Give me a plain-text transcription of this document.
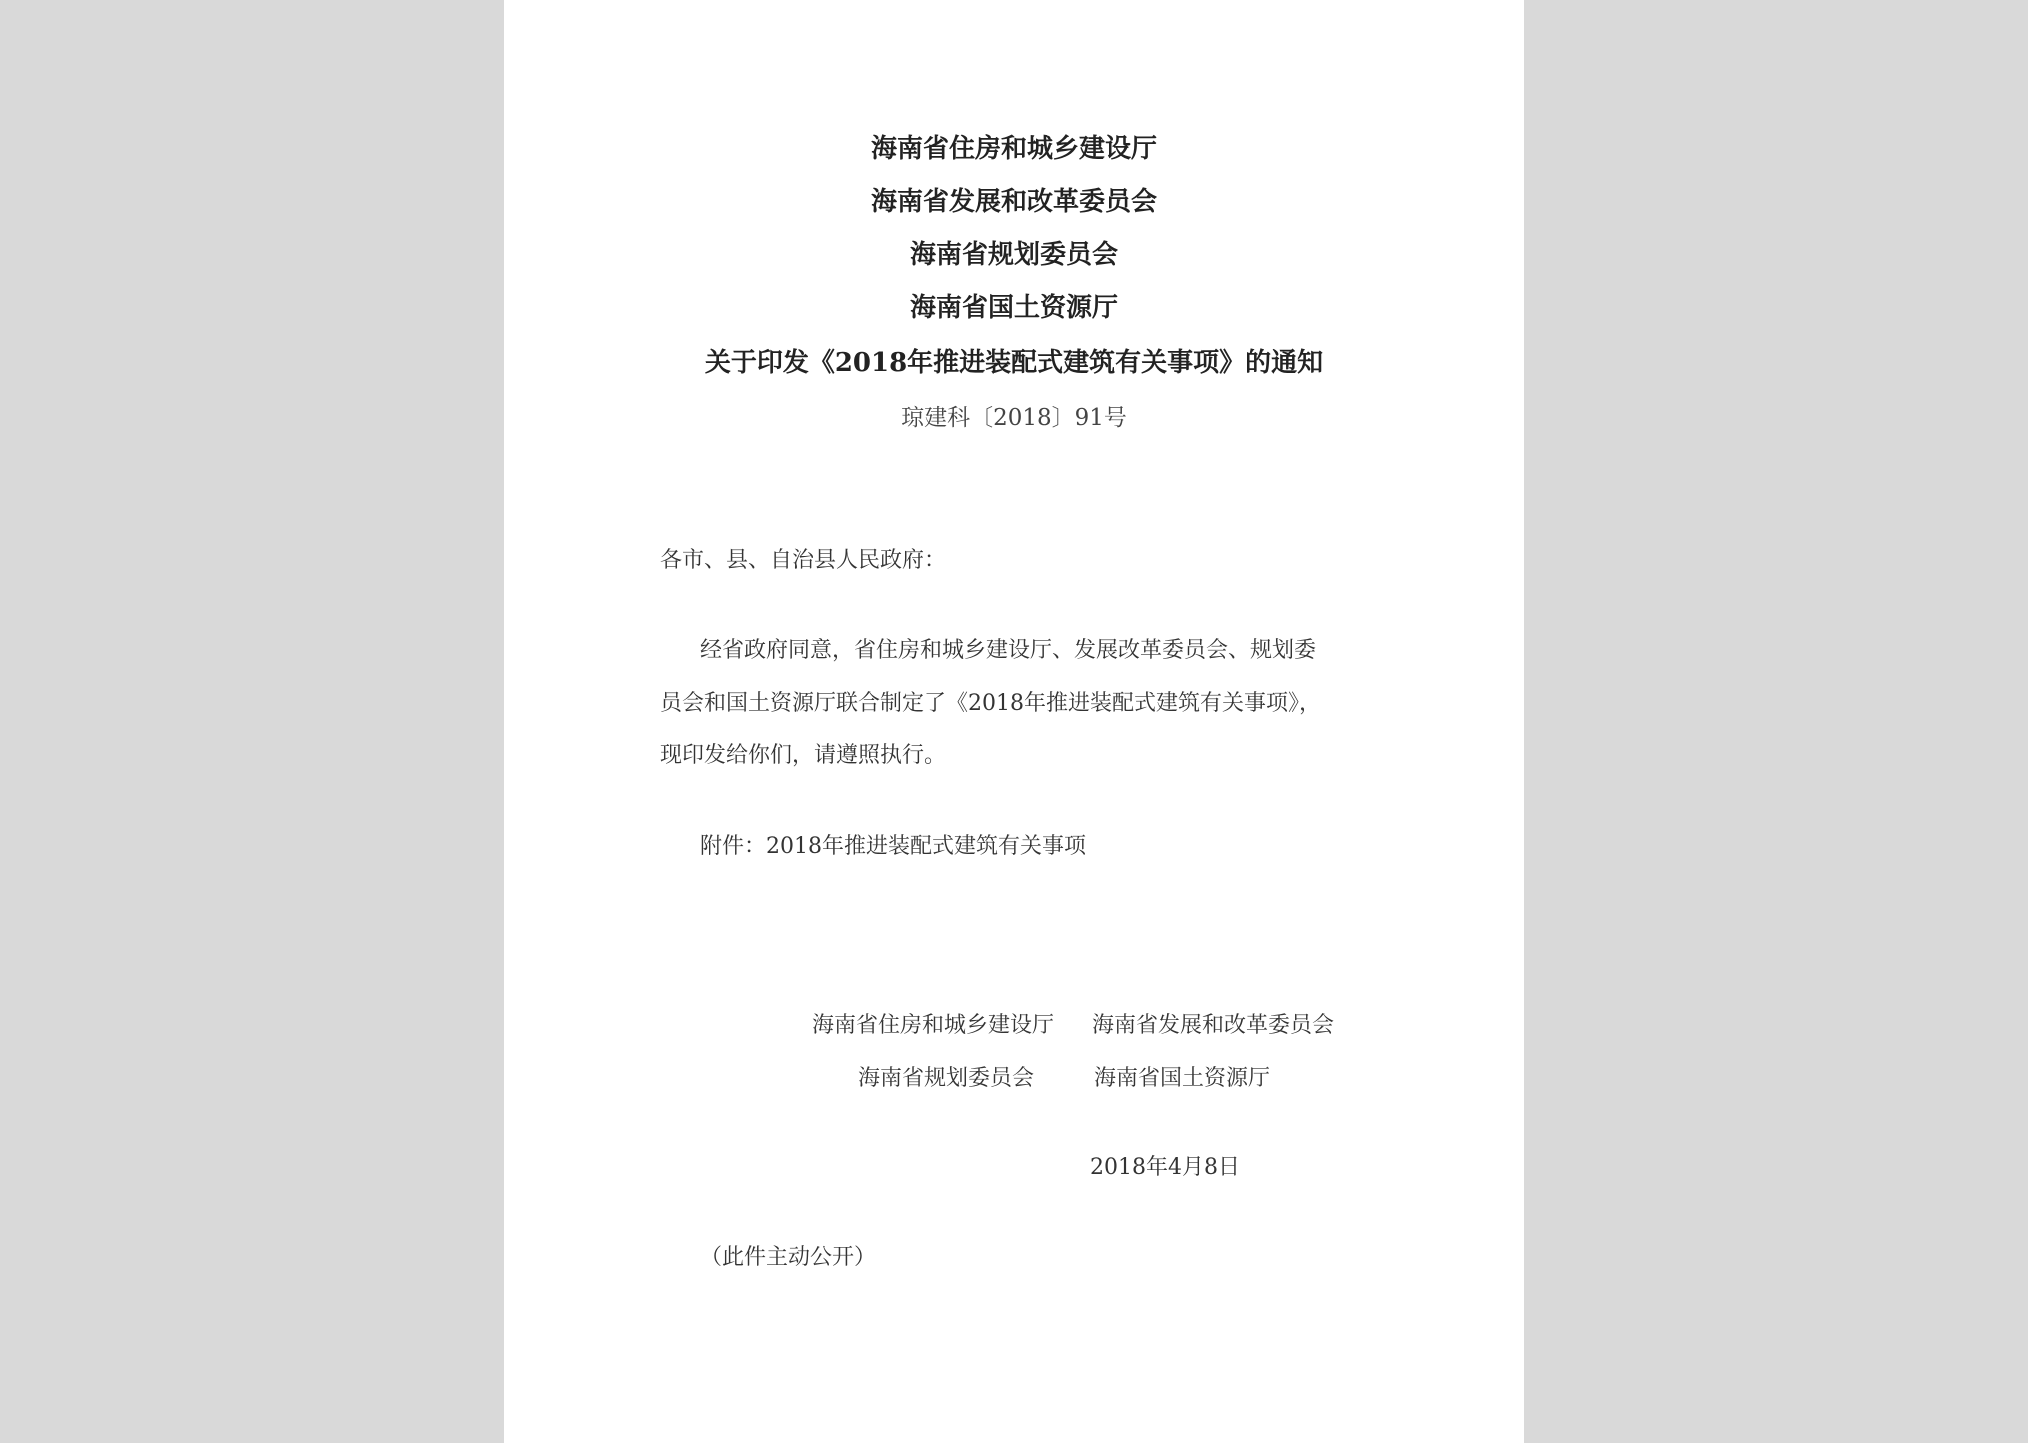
海南省住房和城乡建设厅
海南省发展和改革委员会
海南省规划委员会
海南省国土资源厅
关于印发《2018年推进装配式建筑有关事项》的通知
琼建科〔2018〕91号
各市、县、自治县人民政府：
经省政府同意，省住房和城乡建设厅、发展改革委员会、规划委
员会和国土资源厅联合制定了《2018年推进装配式建筑有关事项》，
现印发给你们，请遵照执行。
附件：2018年推进装配式建筑有关事项
海南省住房和城乡建设厅 海南省发展和改革委员会
海南省规划委员会	海南省国土资源厅
2018年4月8日
（此件主动公开）
